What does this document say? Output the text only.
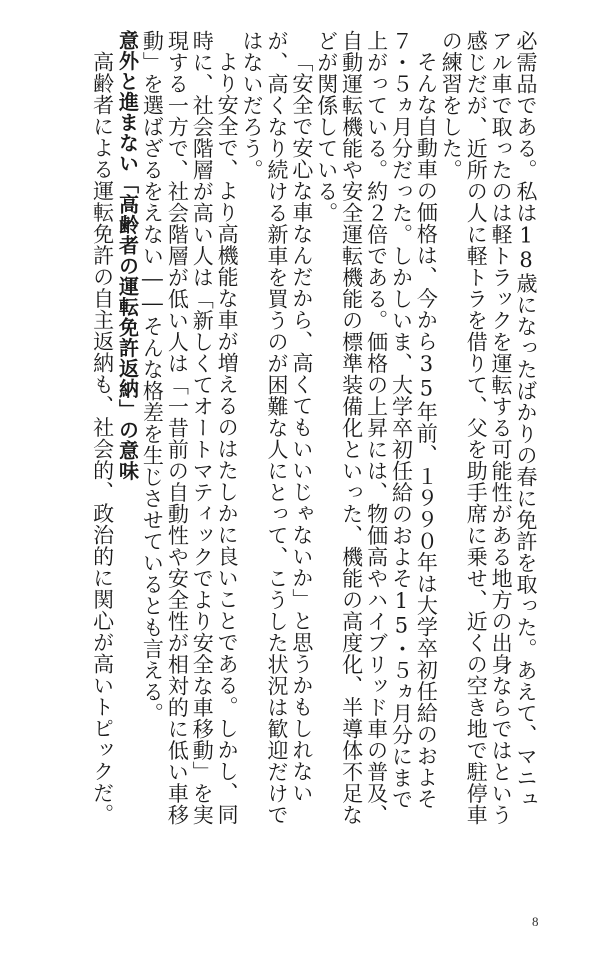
必需品である。私は18歳になったばかりの春に免許を取った。あえて、マニュアル車で取ったのは軽トラックを運転する可能性がある地方の出身ならではという感じだが、近所の人に軽トラを借りて、父を助手席に乗せ、近くの空き地で駐停車の練習をした。

そんな自動車の価格は、今から35年前、１９９０年は大学卒初任給のおよそ７・５ヵ月分だった。しかしいま、大学卒初任給のおよそ15・５ヵ月分にまで上がっている。約２倍である。価格の上昇には、物価高やハイブリッド車の普及、自動運転機能や安全運転機能の標準装備化といった、機能の高度化、半導体不足などが関係している。

「安全で安心な車なんだから、高くてもいいじゃないか」と思うかもしれないが、高くなり続ける新車を買うのが困難な人にとって、こうした状況は歓迎だけではないだろう。

より安全で、より高機能な車が増えるのはたしかに良いことである。しかし、同時に、社会階層が高い人は「新しくてオートマティックでより安全な車移動」を実現する一方で、社会階層が低い人は「一昔前の自動性や安全性が相対的に低い車移動」を選ばざるをえない――そんな格差を生じさせているとも言える。

意外と進まない「高齢者の運転免許返納」の意味

高齢者による運転免許の自主返納も、社会的、政治的に関心が高いトピックだ。

8
